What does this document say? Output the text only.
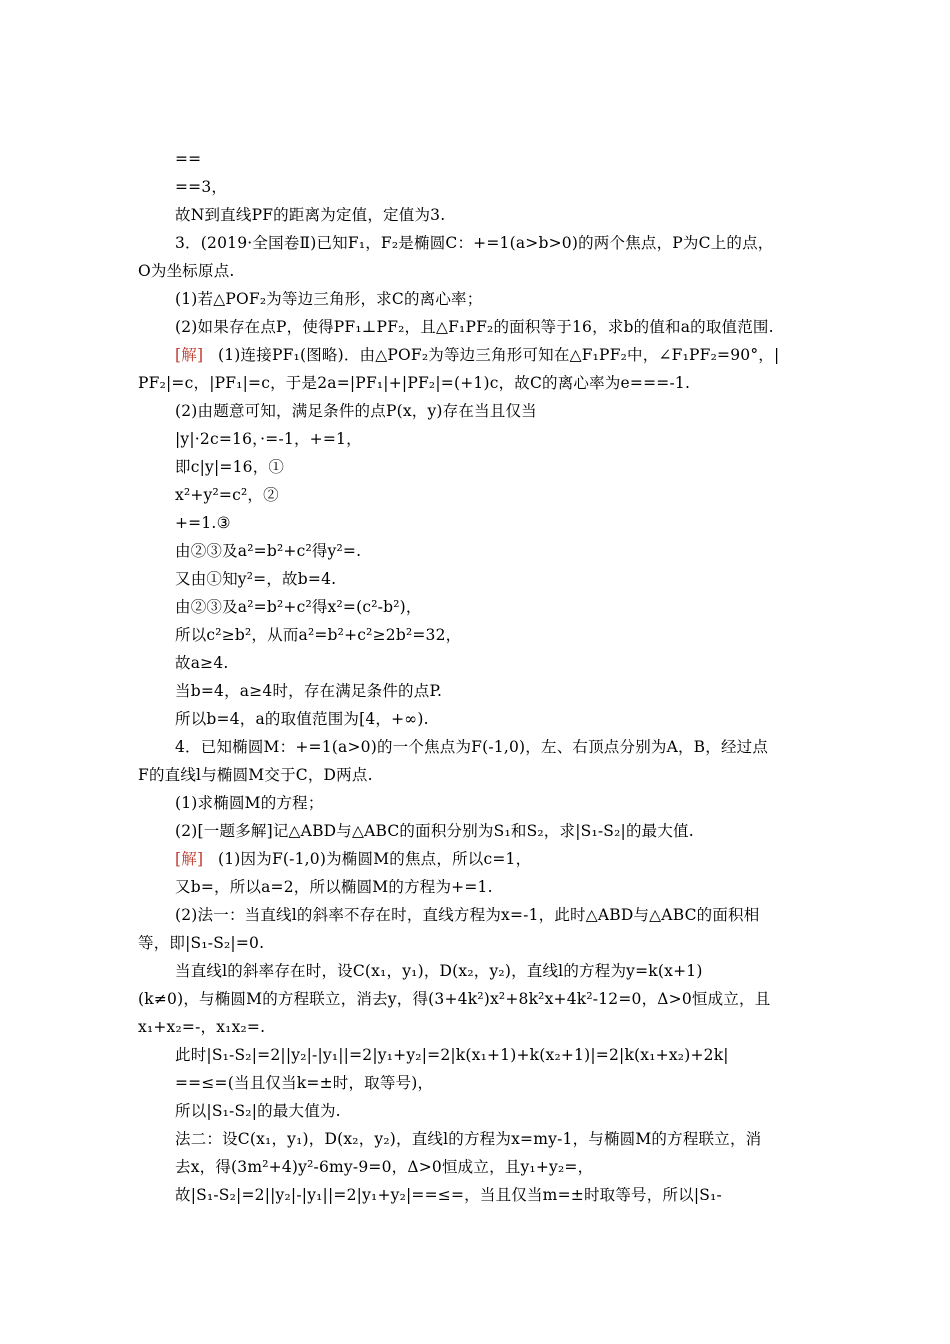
==
==3，
故N到直线PF的距离为定值，定值为3.
3．(2019·全国卷Ⅱ)已知F₁，F₂是椭圆C：+=1(a>b>0)的两个焦点，P为C上的点，
O为坐标原点.
(1)若△POF₂为等边三角形，求C的离心率；
(2)如果存在点P，使得PF₁⊥PF₂，且△F₁PF₂的面积等于16，求b的值和a的取值范围.
[解] (1)连接PF₁(图略)．由△POF₂为等边三角形可知在△F₁PF₂中，∠F₁PF₂=90°，|
PF₂|=c，|PF₁|=c，于是2a=|PF₁|+|PF₂|=(+1)c，故C的离心率为e===-1.
(2)由题意可知，满足条件的点P(x，y)存在当且仅当
|y|·2c=16，·=-1，+=1，
即c|y|=16，①
x²+y²=c²，②
+=1.③
由②③及a²=b²+c²得y²=.
又由①知y²=，故b=4.
由②③及a²=b²+c²得x²=(c²-b²)，
所以c²≥b²，从而a²=b²+c²≥2b²=32，
故a≥4.
当b=4，a≥4时，存在满足条件的点P.
所以b=4，a的取值范围为[4，+∞).
4．已知椭圆M：+=1(a>0)的一个焦点为F(-1,0)，左、右顶点分别为A，B，经过点
F的直线l与椭圆M交于C，D两点.
(1)求椭圆M的方程；
(2)[一题多解]记△ABD与△ABC的面积分别为S₁和S₂，求|S₁-S₂|的最大值.
[解] (1)因为F(-1,0)为椭圆M的焦点，所以c=1，
又b=，所以a=2，所以椭圆M的方程为+=1.
(2)法一：当直线l的斜率不存在时，直线方程为x=-1，此时△ABD与△ABC的面积相
等，即|S₁-S₂|=0.
当直线l的斜率存在时，设C(x₁，y₁)，D(x₂，y₂)，直线l的方程为y=k(x+1)
(k≠0)，与椭圆M的方程联立，消去y，得(3+4k²)x²+8k²x+4k²-12=0，Δ>0恒成立，且
x₁+x₂=-，x₁x₂=.
此时|S₁-S₂|=2||y₂|-|y₁||=2|y₁+y₂|=2|k(x₁+1)+k(x₂+1)|=2|k(x₁+x₂)+2k|
==≤=(当且仅当k=±时，取等号)，
所以|S₁-S₂|的最大值为.
法二：设C(x₁，y₁)，D(x₂，y₂)，直线l的方程为x=my-1，与椭圆M的方程联立，消
去x，得(3m²+4)y²-6my-9=0，Δ>0恒成立，且y₁+y₂=，
故|S₁-S₂|=2||y₂|-|y₁||=2|y₁+y₂|==≤=，当且仅当m=±时取等号，所以|S₁-
